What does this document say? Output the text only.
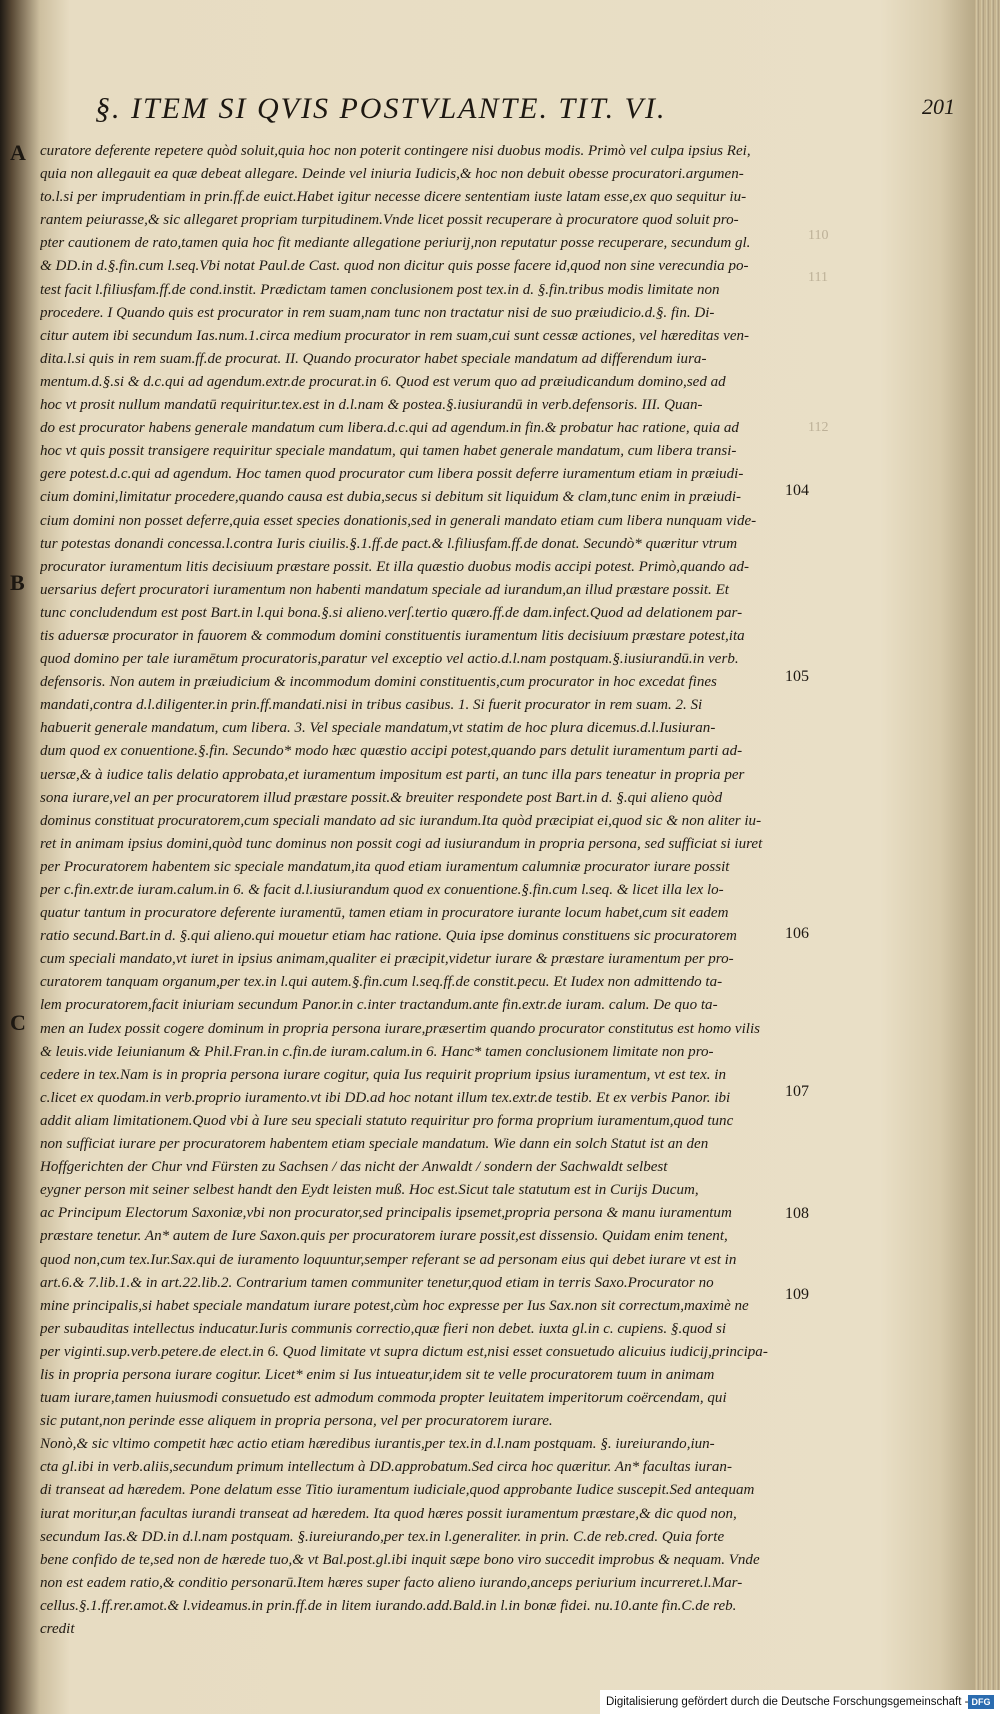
§. ITEM SI QVIS POSTVLANTE. TIT. VI.	201
A
B
C
110
111
112
104
105
106
107
108
109
curatore deferente repetere quòd soluit,quia hoc non poterit contingere nisi duobus modis. Primò vel culpa ipsius Rei,
quia non allegauit ea quæ debeat allegare. Deinde vel iniuria Iudicis,& hoc non debuit obesse procuratori.argumen-
to.l.si per imprudentiam in prin.ff.de euict.Habet igitur necesse dicere sententiam iuste latam esse,ex quo sequitur iu-
rantem peiurasse,& sic allegaret propriam turpitudinem.Vnde licet possit recuperare à procuratore quod soluit pro-
pter cautionem de rato,tamen quia hoc fit mediante allegatione periurij,non reputatur posse recuperare, secundum gl.
& DD.in d.§.fin.cum l.seq.Vbi notat Paul.de Cast. quod non dicitur quis posse facere id,quod non sine verecundia po-
test facit l.filiusfam.ff.de cond.instit. Prædictam tamen conclusionem post tex.in d. §.fin.tribus modis limitate non
procedere. I Quando quis est procurator in rem suam,nam tunc non tractatur nisi de suo præiudicio.d.§. fin. Di-
citur autem ibi secundum Ias.num.1.circa medium procurator in rem suam,cui sunt cessæ actiones, vel hæreditas ven-
dita.l.si quis in rem suam.ff.de procurat. II. Quando procurator habet speciale mandatum ad differendum iura-
mentum.d.§.si & d.c.qui ad agendum.extr.de procurat.in 6. Quod est verum quo ad præiudicandum domino,sed ad
hoc vt prosit nullum mandatū requiritur.tex.est in d.l.nam & postea.§.iusiurandū in verb.defensoris. III. Quan-
do est procurator habens generale mandatum cum libera.d.c.qui ad agendum.in fin.& probatur hac ratione, quia ad
hoc vt quis possit transigere requiritur speciale mandatum, qui tamen habet generale mandatum, cum libera transi-
gere potest.d.c.qui ad agendum. Hoc tamen quod procurator cum libera possit deferre iuramentum etiam in præiudi-
cium domini,limitatur procedere,quando causa est dubia,secus si debitum sit liquidum & clam,tunc enim in præiudi-
cium domini non posset deferre,quia esset species donationis,sed in generali mandato etiam cum libera nunquam vide-
tur potestas donandi concessa.l.contra Iuris ciuilis.§.1.ff.de pact.& l.filiusfam.ff.de donat. Secundò* quæritur vtrum
procurator iuramentum litis decisiuum præstare possit. Et illa quæstio duobus modis accipi potest. Primò,quando ad-
uersarius defert procuratori iuramentum non habenti mandatum speciale ad iurandum,an illud præstare possit. Et
tunc concludendum est post Bart.in l.qui bona.§.si alieno.verſ.tertio quæro.ff.de dam.infect.Quod ad delationem par-
tis aduersæ procurator in fauorem & commodum domini constituentis iuramentum litis decisiuum præstare potest,ita
quod domino per tale iuramētum procuratoris,paratur vel exceptio vel actio.d.l.nam postquam.§.iusiurandū.in verb.
defensoris. Non autem in præiudicium & incommodum domini constituentis,cum procurator in hoc excedat fines
mandati,contra d.l.diligenter.in prin.ff.mandati.nisi in tribus casibus. 1. Si fuerit procurator in rem suam. 2. Si
habuerit generale mandatum, cum libera. 3. Vel speciale mandatum,vt statim de hoc plura dicemus.d.l.Iusiuran-
dum quod ex conuentione.§.fin. Secundo* modo hæc quæstio accipi potest,quando pars detulit iuramentum parti ad-
uersæ,& à iudice talis delatio approbata,et iuramentum impositum est parti, an tunc illa pars teneatur in propria per
sona iurare,vel an per procuratorem illud præstare possit.& breuiter respondete post Bart.in d. §.qui alieno quòd
dominus constituat procuratorem,cum speciali mandato ad sic iurandum.Ita quòd præcipiat ei,quod sic & non aliter iu-
ret in animam ipsius domini,quòd tunc dominus non possit cogi ad iusiurandum in propria persona, sed sufficiat si iuret
per Procuratorem habentem sic speciale mandatum,ita quod etiam iuramentum calumniæ procurator iurare possit
per c.fin.extr.de iuram.calum.in 6. & facit d.l.iusiurandum quod ex conuentione.§.fin.cum l.seq. & licet illa lex lo-
quatur tantum in procuratore deferente iuramentū, tamen etiam in procuratore iurante locum habet,cum sit eadem
ratio secund.Bart.in d. §.qui alieno.qui mouetur etiam hac ratione. Quia ipse dominus constituens sic procuratorem
cum speciali mandato,vt iuret in ipsius animam,qualiter ei præcipit,videtur iurare & præstare iuramentum per pro-
curatorem tanquam organum,per tex.in l.qui autem.§.fin.cum l.seq.ff.de constit.pecu. Et Iudex non admittendo ta-
lem procuratorem,facit iniuriam secundum Panor.in c.inter tractandum.ante fin.extr.de iuram. calum. De quo ta-
men an Iudex possit cogere dominum in propria persona iurare,præsertim quando procurator constitutus est homo vilis
& leuis.vide Ieiunianum & Phil.Fran.in c.fin.de iuram.calum.in 6. Hanc* tamen conclusionem limitate non pro-
cedere in tex.Nam is in propria persona iurare cogitur, quia Ius requirit proprium ipsius iuramentum, vt est tex. in
c.licet ex quodam.in verb.proprio iuramento.vt ibi DD.ad hoc notant illum tex.extr.de testib. Et ex verbis Panor. ibi
addit aliam limitationem.Quod vbi à Iure seu speciali statuto requiritur pro forma proprium iuramentum,quod tunc
non sufficiat iurare per procuratorem habentem etiam speciale mandatum. Wie dann ein solch Statut ist an den
Hoffgerichten der Chur vnd Fürsten zu Sachsen / das nicht der Anwaldt / sondern der Sachwaldt selbest
eygner person mit seiner selbest handt den Eydt leisten muß. Hoc est.Sicut tale statutum est in Curijs Ducum,
ac Principum Electorum Saxoniæ,vbi non procurator,sed principalis ipsemet,propria persona & manu iuramentum
præstare tenetur. An* autem de Iure Saxon.quis per procuratorem iurare possit,est dissensio. Quidam enim tenent,
quod non,cum tex.Iur.Sax.qui de iuramento loquuntur,semper referant se ad personam eius qui debet iurare vt est in
art.6.& 7.lib.1.& in art.22.lib.2. Contrarium tamen communiter tenetur,quod etiam in terris Saxo.Procurator no
mine principalis,si habet speciale mandatum iurare potest,cùm hoc expresse per Ius Sax.non sit correctum,maximè ne
per subauditas intellectus inducatur.Iuris communis correctio,quæ fieri non debet. iuxta gl.in c. cupiens. §.quod si
per viginti.sup.verb.petere.de elect.in 6. Quod limitate vt supra dictum est,nisi esset consuetudo alicuius iudicij,principa-
lis in propria persona iurare cogitur. Licet* enim si Ius intueatur,idem sit te velle procuratorem tuum in animam
tuam iurare,tamen huiusmodi consuetudo est admodum commoda propter leuitatem imperitorum coërcendam, qui
sic putant,non perinde esse aliquem in propria persona, vel per procuratorem iurare.
Nonò,& sic vltimo competit hæc actio etiam hæredibus iurantis,per tex.in d.l.nam postquam. §. iureiurando,iun-
cta gl.ibi in verb.aliis,secundum primum intellectum à DD.approbatum.Sed circa hoc quæritur. An* facultas iuran-
di transeat ad hæredem. Pone delatum esse Titio iuramentum iudiciale,quod approbante Iudice suscepit.Sed antequam
iurat moritur,an facultas iurandi transeat ad hæredem. Ita quod hæres possit iuramentum præstare,& dic quod non,
secundum Ias.& DD.in d.l.nam postquam. §.iureiurando,per tex.in l.generaliter. in prin. C.de reb.cred. Quia forte
bene confido de te,sed non de hærede tuo,& vt Bal.post.gl.ibi inquit sæpe bono viro succedit improbus & nequam. Vnde
non est eadem ratio,& conditio personarū.Item hæres super facto alieno iurando,anceps periurium incurreret.l.Mar-
cellus.§.1.ff.rer.amot.& l.videamus.in prin.ff.de in litem iurando.add.Bald.in l.in bonæ fidei. nu.10.ante fin.C.de reb.
credit
Digitalisierung gefördert durch die Deutsche Forschungsgemeinschaft - DFG
